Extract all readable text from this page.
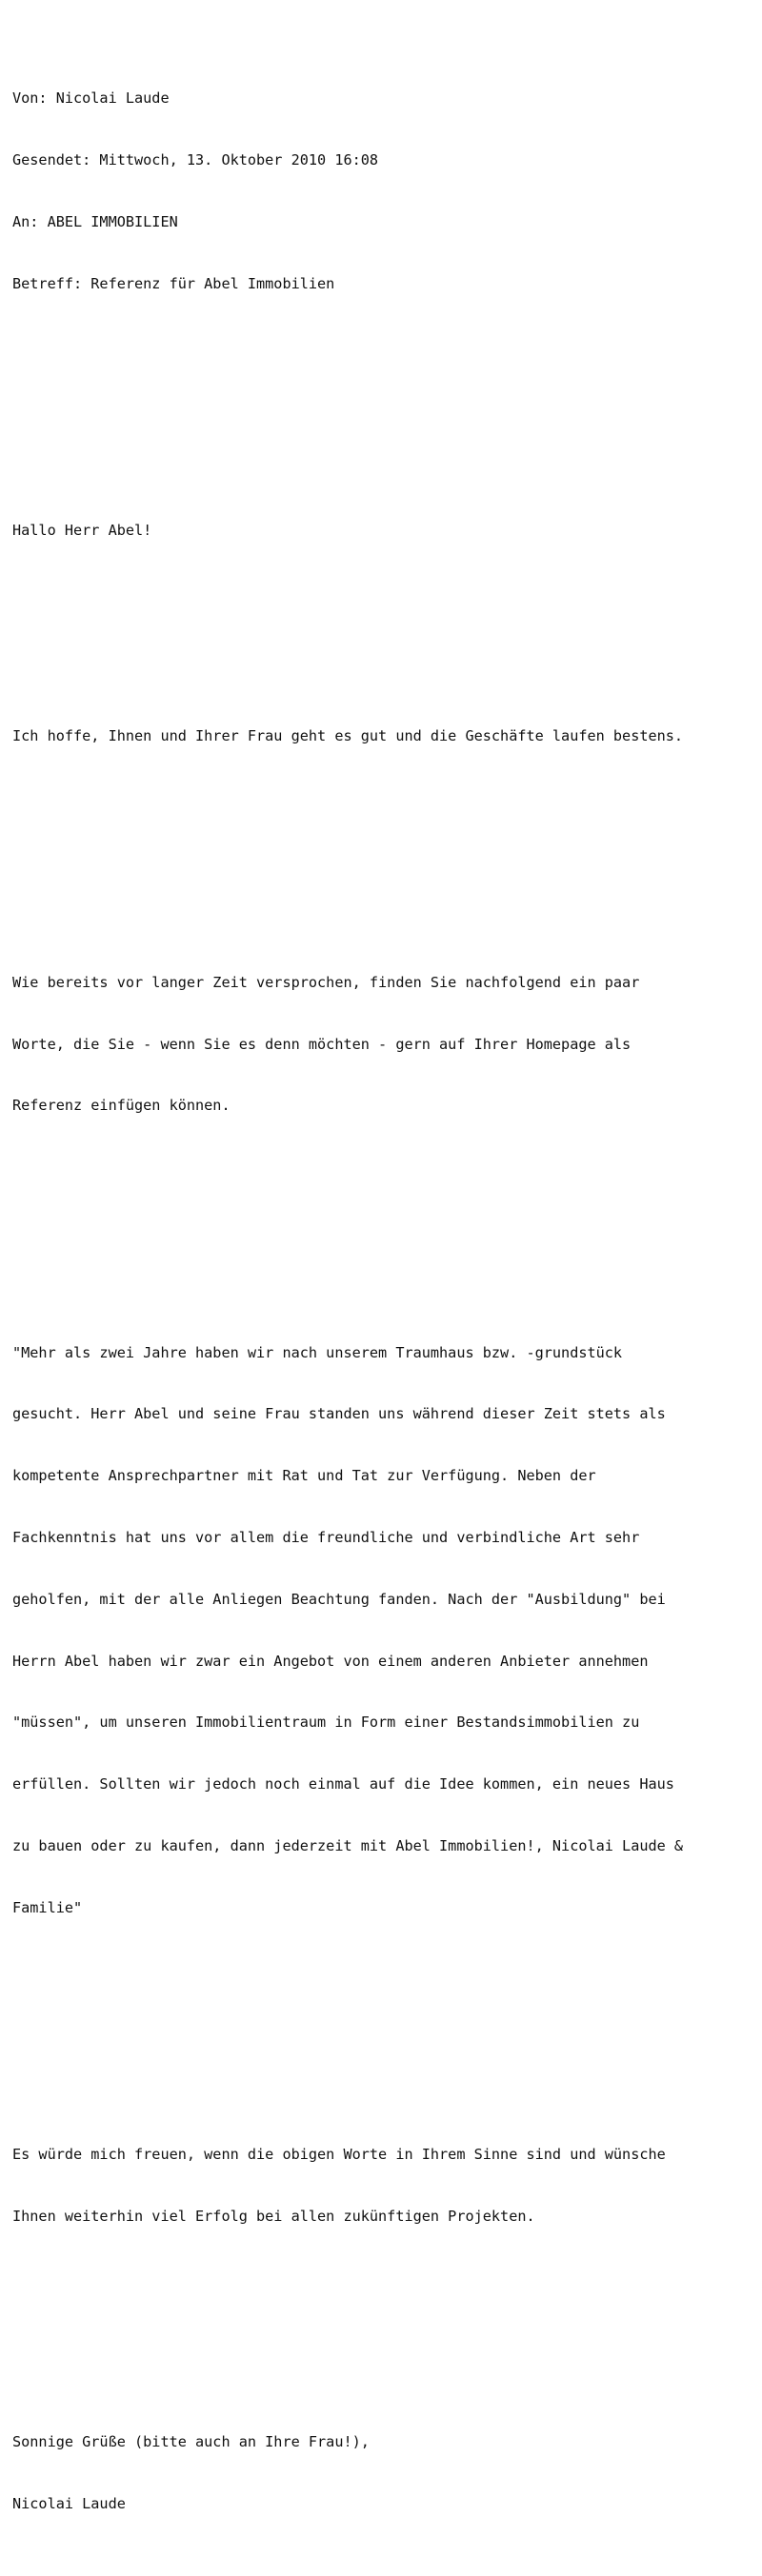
Von: Nicolai Laude

Gesendet: Mittwoch, 13. Oktober 2010 16:08

An: ABEL IMMOBILIEN

Betreff: Referenz für Abel Immobilien

Hallo Herr Abel!

Ich hoffe, Ihnen und Ihrer Frau geht es gut und die Geschäfte laufen bestens.

Wie bereits vor langer Zeit versprochen, finden Sie nachfolgend ein paar

Worte, die Sie - wenn Sie es denn möchten - gern auf Ihrer Homepage als

Referenz einfügen können.

"Mehr als zwei Jahre haben wir nach unserem Traumhaus bzw. -grundstück

gesucht. Herr Abel und seine Frau standen uns während dieser Zeit stets als

kompetente Ansprechpartner mit Rat und Tat zur Verfügung. Neben der

Fachkenntnis hat uns vor allem die freundliche und verbindliche Art sehr

geholfen, mit der alle Anliegen Beachtung fanden. Nach der "Ausbildung" bei

Herrn Abel haben wir zwar ein Angebot von einem anderen Anbieter annehmen

"müssen", um unseren Immobilientraum in Form einer Bestandsimmobilien zu

erfüllen. Sollten wir jedoch noch einmal auf die Idee kommen, ein neues Haus

zu bauen oder zu kaufen, dann jederzeit mit Abel Immobilien!, Nicolai Laude &

Familie"

Es würde mich freuen, wenn die obigen Worte in Ihrem Sinne sind und wünsche

Ihnen weiterhin viel Erfolg bei allen zukünftigen Projekten.

Sonnige Grüße (bitte auch an Ihre Frau!),

Nicolai Laude
